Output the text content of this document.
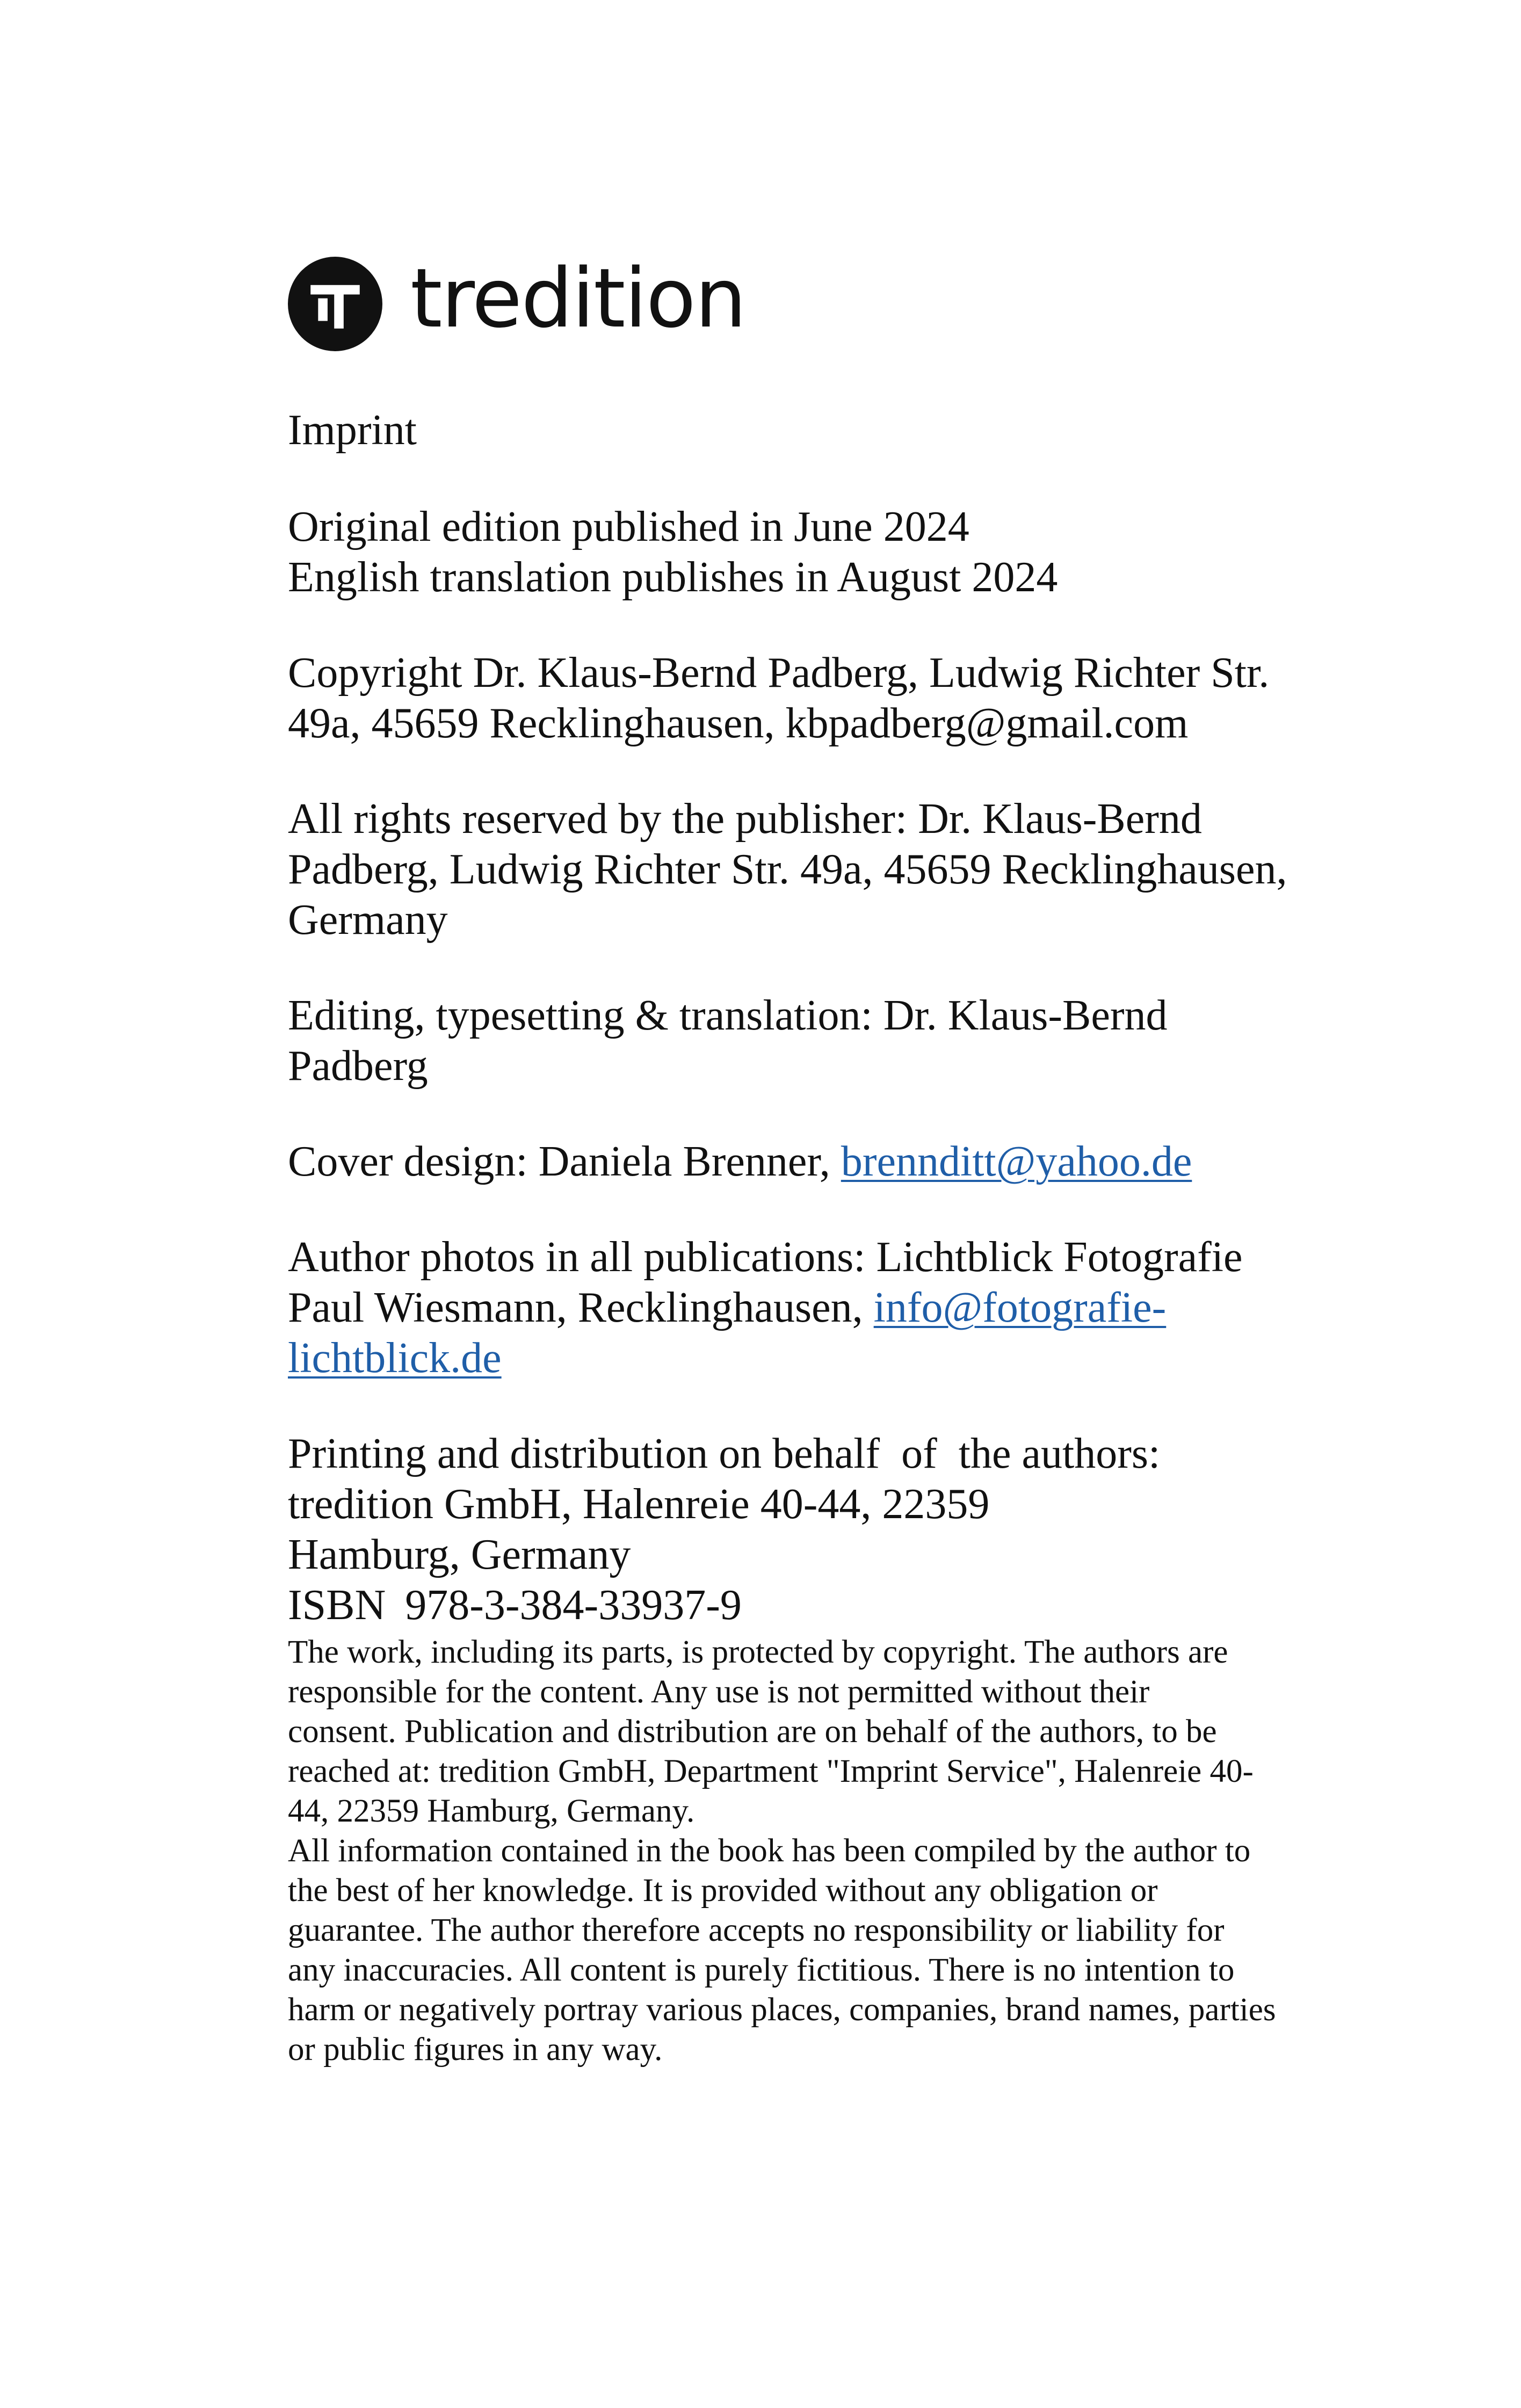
tredition

Imprint

Original edition published in June 2024
English translation publishes in August 2024

Copyright Dr. Klaus-Bernd Padberg, Ludwig Richter Str.
49a, 45659 Recklinghausen, kbpadberg@gmail.com

All rights reserved by the publisher: Dr. Klaus-Bernd
Padberg, Ludwig Richter Str. 49a, 45659 Recklinghausen,
Germany

Editing, typesetting & translation: Dr. Klaus-Bernd
Padberg

Cover design: Daniela Brenner, brennditt@yahoo.de

Author photos in all publications: Lichtblick Fotografie
Paul Wiesmann, Recklinghausen, info@fotografie-
lichtblick.de

Printing and distribution on behalf  of  the authors:
tredition GmbH, Halenreie 40-44, 22359
Hamburg, Germany
ISBN 978-3-384-33937-9

The work, including its parts, is protected by copyright. The authors are
responsible for the content. Any use is not permitted without their
consent. Publication and distribution are on behalf of the authors, to be
reached at: tredition GmbH, Department "Imprint Service", Halenreie 40-
44, 22359 Hamburg, Germany.
All information contained in the book has been compiled by the author to
the best of her knowledge. It is provided without any obligation or
guarantee. The author therefore accepts no responsibility or liability for
any inaccuracies. All content is purely fictitious. There is no intention to
harm or negatively portray various places, companies, brand names, parties
or public figures in any way.
